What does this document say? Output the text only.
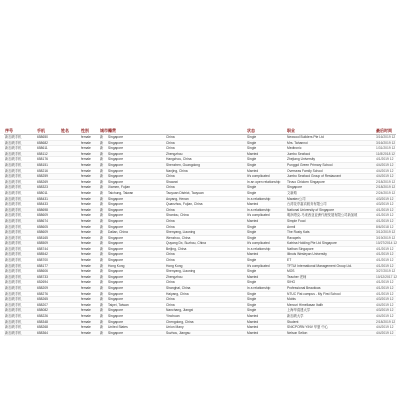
序号	手机	姓名	性别	城市	籍贯		状态	职业			最后时间
新加坡手机	658650		female	新	Singapore	China	Single	Newcool Builders Pte Ltd			3/16/2019 12
新加坡手机	658682		female	新	Singapore	China	Single	Mrs. Tahannoi			3/16/2019 12
新加坡手机	658611		female	新	Singapore	China	Single	Medtronic			1/31/2019 12
新加坡手机	658112		female	新	Singapore	Zhengzhou	Married	Jumbo Seafood			11/8/2018 12
新加坡手机	658176		female	新	Singapore	Hangzhou, China	Single	Zhejiang University			4/1/2019 12
新加坡手机	658151		female	新	Singapore	Shenzhen, Guangdong	Single	Punggol Green Primary School			4/4/2019 12
新加坡手机	658216		female	新	Singapore	Nanjing, China	Married	Overseas Family School			4/4/2019 12
新加坡手机	658259		female	新	Singapore	China	It's complicated	Jumbo Seafood Group of Restaurant			4/4/2019 12
新加坡手机	658269		female	新	Singapore	Shaanxi	In an open relationship	Tiruvo Chicken Singapore			2/18/2019 12
新加坡手机	658323		female	新	Xiamen, Fujian	China	Single	Singapore			2/18/2019 12
新加坡手机	658011		female	新	Taichung, Taiwan	Taoyuan District, Taoyuan	Single	文新路			2/24/2019 12
新加坡手机	658431		female	新	Singapore	Anyang, Henan	In a relationship	Maratex公司			4/3/2019 12
新加坡手机	658433		female	新	Singapore	Quanzhou, Fujian, China	Married	台湾花亭嘉宾税务有限公司			4/3/2019 12
新加坡手机	658698		female	新	Singapore	China	In a relationship	National University of Singapore			4/1/2019 12
新加坡手机	658609		female	新	Singapore	Shantou, China	It's complicated	明润塔克-马来西亚亚洲代理发展有限公司新加坡			4/1/2019 12
新加坡手机	658674		female	新	Singapore	China	Married	Simple Food			4/1/2019 12
新加坡手机	658605		female	新	Singapore	China	Single	Anmil			8/6/2018 12
新加坡手机	658609		female	新	Dalian, China	Shenyang, Liaoning	Single	The Rusty Kats			3/12/2019 12
新加坡手机	658165		female	新	Singapore	Wenzhou, China	Single	Ravapels			3/19/2019 12
新加坡手机	658509		female	新	Singapore	Quyang Dx, Suzhou, China	It's complicated	Katrina Holding Pte Ltd Singapore			10/27/2014 12
新加坡手机	658744		female	新	Singapore	Beijing, China	In a relationship	Nathan Singapore			4/1/2019 12
新加坡手机	658542		female	新	Singapore	China	Married	Illinois Wesleyan University			4/1/2019 12
新加坡手机	658700		female	新	Singapore	China	Single	ET			4/1/2019 12
新加坡手机	658177		female	新	Hong Kong	Hong Kong	It's complicated	TFTUI International Management Group Ltd.			4/1/2019 12
新加坡手机	658606		female	新	Singapore	Shenyang, Liaoning	Single	MOS			3/27/2019 12
新加坡手机	658733		female	新	Singapore	Zhengzhou	Married	Teacher 老师			10/12/2017 12
新加坡手机	652694		female	新	Singapore	China	Single	SIHG			4/1/2019 12
新加坡手机	658209		female	新	Singapore	Shanghai, China	In a relationship	Professional Beauticas			4/1/2019 12
新加坡手机	658276		female	新	Singapore	Haiyang, China	Single	NTUC Fist campus - My First School			4/1/2019 12
新加坡手机	658265		female	新	Singapore	China	Single	Mobis			4/3/2019 12
新加坡手机	658207		female	新	Taipei, Taiwan	China	Single	Mercuri Himellasan Italih			4/4/2019 12
新加坡手机	658082		female	新	Singapore	Nanchang, Jiangxi	Single	上海华清建大学			4/3/2019 12
新加坡手机	658226		female	新	Singapore	Yinchuan	Married	新加坡大学			4/4/2019 12
新加坡手机	658348		female	新	Singapore	Chengdong, China	Married	Student			2/18/2019 12
新加坡手机	658268		female	新	United States	Union Many	Married	SNICPORN YINV 华夏 中心			4/4/2019 12
新加坡手机	658364		female	新	Singapore	Suzhou, Jiangsu	Married	Nelson Selion			4/4/2019 12
